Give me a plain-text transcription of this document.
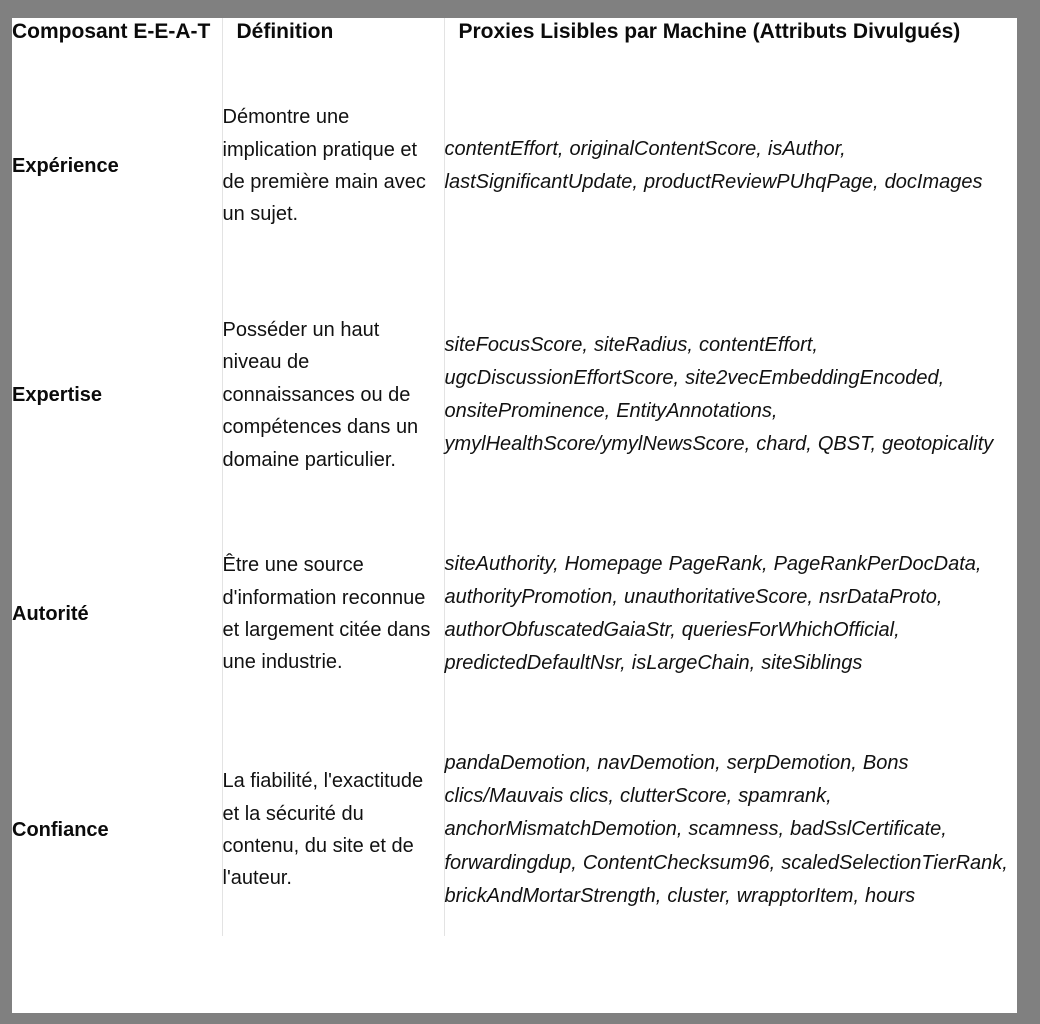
Composant E-E-A-T	Définition	Proxies Lisibles par Machine (Attributs Divulgués)
Expérience	Démontre une implication pratique et de première main avec un sujet.	contentEffort, originalContentScore, isAuthor, lastSignificantUpdate, productReviewPUhqPage, docImages
Expertise	Posséder un haut niveau de connaissances ou de compétences dans un domaine particulier.	siteFocusScore, siteRadius, contentEffort, ugcDiscussionEffortScore, site2vecEmbeddingEncoded, onsiteProminence, EntityAnnotations, ymylHealthScore/ymylNewsScore, chard, QBST, geotopicality
Autorité	Être une source d'information reconnue et largement citée dans une industrie.	siteAuthority, Homepage PageRank, PageRankPerDocData, authorityPromotion, unauthoritativeScore, nsrDataProto, authorObfuscatedGaiaStr, queriesForWhichOfficial, predictedDefaultNsr, isLargeChain, siteSiblings
Confiance	La fiabilité, l'exactitude et la sécurité du contenu, du site et de l'auteur.	pandaDemotion, navDemotion, serpDemotion, Bons clics/Mauvais clics, clutterScore, spamrank, anchorMismatchDemotion, scamness, badSslCertificate, forwardingdup, ContentChecksum96, scaledSelectionTierRank, brickAndMortarStrength, cluster, wrapptorItem, hours
